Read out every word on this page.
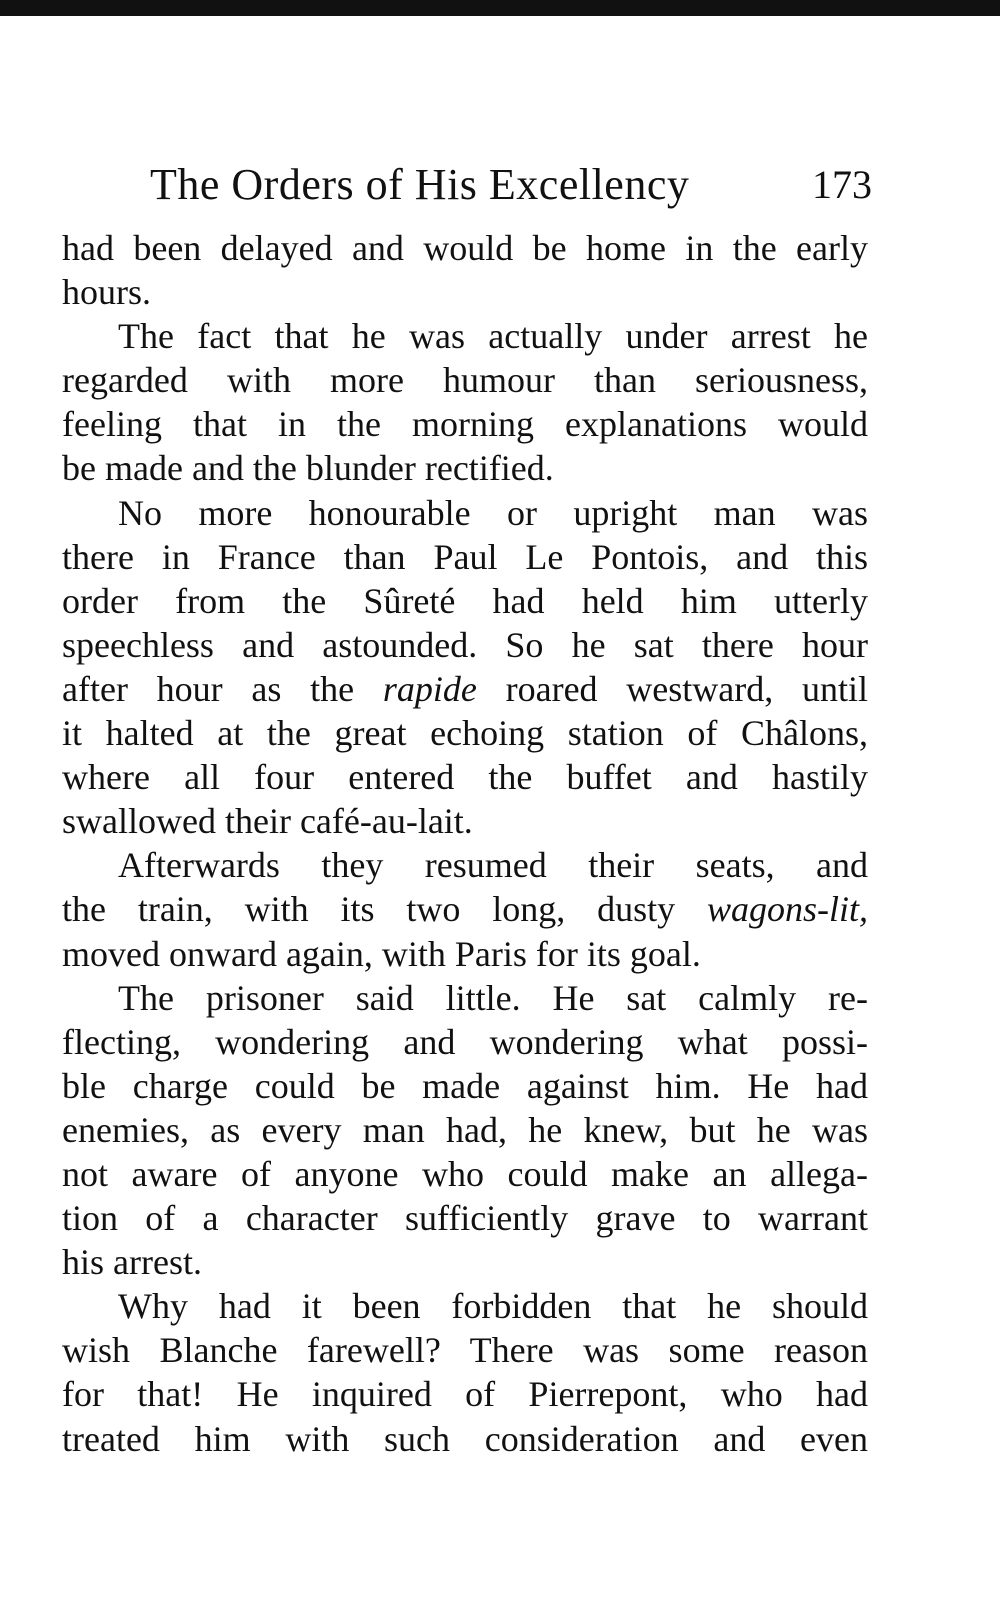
The Orders of His Excellency	173
had been delayed and would be home in the early
hours.
The fact that he was actually under arrest he
regarded with more humour than seriousness,
feeling that in the morning explanations would
be made and the blunder rectified.
No more honourable or upright man was
there in France than Paul Le Pontois, and this
order from the Sûreté had held him utterly
speechless and astounded. So he sat there hour
after hour as the rapide roared westward, until
it halted at the great echoing station of Châlons,
where all four entered the buffet and hastily
swallowed their café-au-lait.
Afterwards they resumed their seats, and
the train, with its two long, dusty wagons-lit,
moved onward again, with Paris for its goal.
The prisoner said little. He sat calmly re-
flecting, wondering and wondering what possi-
ble charge could be made against him. He had
enemies, as every man had, he knew, but he was
not aware of anyone who could make an allega-
tion of a character sufficiently grave to warrant
his arrest.
Why had it been forbidden that he should
wish Blanche farewell? There was some reason
for that! He inquired of Pierrepont, who had
treated him with such consideration and even
